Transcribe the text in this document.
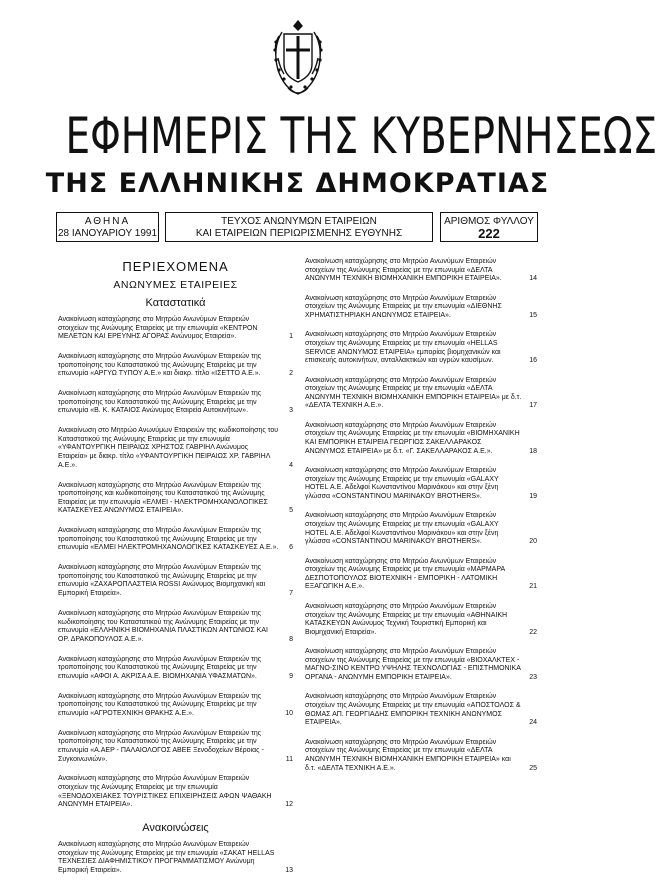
ΕΦΗΜΕΡΙΣ ΤΗΣ ΚΥΒΕΡΝΗΣΕΩΣ
ΤΗΣ ΕΛΛΗΝΙΚΗΣ ΔΗΜΟΚΡΑΤΙΑΣ
ΑΘΗΝΑ
28 ΙΑΝΟΥΑΡΙΟΥ 1991
ΤΕΥΧΟΣ ΑΝΩΝΥΜΩΝ ΕΤΑΙΡΕΙΩΝ
ΚΑΙ ΕΤΑΙΡΕΙΩΝ ΠΕΡΙΩΡΙΣΜΕΝΗΣ ΕΥΘΥΝΗΣ
ΑΡΙΘΜΟΣ ΦΥΛΛΟΥ
222
ΠΕΡΙΕΧΟΜΕΝΑ
ΑΝΩΝΥΜΕΣ ΕΤΑΙΡΕΙΕΣ
Καταστατικά
Ανακοίνωση καταχώρησης στο Μητρώο Ανωνύμων Εταιρειών στοιχείων της Ανώνυμης Εταιρείας με την επωνυμία «ΚΕΝΤΡΟΝ ΜΕΛΕΤΩΝ ΚΑΙ ΕΡΕΥΝΗΣ ΑΓΟΡΑΣ Ανώνυμος Εταιρεία».	1
Ανακοίνωση καταχώρησης στο Μητρώο Ανωνύμων Εταιρειών της τροποποίησης του Καταστατικού της Ανώνυμης Εταιρείας με την επωνυμία «ΑΡΓΥΩ ΤΥΠΟΥ Α.Ε.» και διακρ. τίτλο «ΙΣΕΤΤΟ Α.Ε.».	2
Ανακοίνωση καταχώρησης στο Μητρώο Ανωνύμων Εταιρειών της τροποποίησης του Καταστατικού της Ανώνυμης Εταιρείας με την επωνυμία «Β. Κ. ΚΑΤΑΙΟΣ Ανώνυμος Εταιρεία Αυτοκινήτων».	3
Ανακοίνωση στο Μητρώο Ανωνύμων Εταιρειών της κωδικοποίησης του Καταστατικού της Ανώνυμης Εταιρείας με την επωνυμία «ΥΦΑΝΤΟΥΡΓΙΚΗ ΠΕΙΡΑΙΩΣ ΧΡΗΣΤΟΣ ΓΑΒΡΙΗΛ Ανώνυμος Εταιρεία» με διακρ. τίτλο «ΥΦΑΝΤΟΥΡΓΙΚΗ ΠΕΙΡΑΙΩΣ ΧΡ. ΓΑΒΡΙΗΛ Α.Ε.».	4
Ανακοίνωση καταχώρησης στο Μητρώο Ανωνύμων Εταιρειών της τροποποίησης και κωδικοποίησης του Καταστατικού της Ανώνυμης Εταιρείας με την επωνυμία «ΕΛΜΕΙ - ΗΛΕΚΤΡΟΜΗΧΑΝΟΛΟΓΙΚΕΣ ΚΑΤΑΣΚΕΥΕΣ ΑΝΩΝΥΜΟΣ ΕΤΑΙΡΕΙΑ».	5
Ανακοίνωση καταχώρησης στο Μητρώο Ανωνύμων Εταιρειών της τροποποίησης του Καταστατικού της Ανώνυμης Εταιρείας με την επωνυμία «ΕΛΜΕΙ ΗΛΕΚΤΡΟΜΗΧΑΝΟΛΟΓΙΚΕΣ ΚΑΤΑΣΚΕΥΕΣ Α.Ε.».	6
Ανακοίνωση καταχώρησης στο Μητρώο Ανωνύμων Εταιρειών της τροποποίησης του Καταστατικού της Ανώνυμης Εταιρείας με την επωνυμία «ΖΑΧΑΡΟΠΛΑΣΤΕΙΑ ROSSI Ανώνυμος Βιομηχανική και Εμπορική Εταιρεία».	7
Ανακοίνωση καταχώρησης στο Μητρώο Ανωνύμων Εταιρειών της κωδικοποίησης του Καταστατικού της Ανώνυμης Εταιρείας με την επωνυμία «ΕΛΛΗΝΙΚΗ ΒΙΟΜΗΧΑΝΙΑ ΠΛΑΣΤΙΚΩΝ ΑΝΤΩΝΙΟΣ ΚΑΙ ΟΡ. ΔΡΑΚΟΠΟΥΛΟΣ Α.Ε.».	8
Ανακοίνωση καταχώρησης στο Μητρώο Ανωνύμων Εταιρειών της τροποποίησης του Καταστατικού της Ανώνυμης Εταιρείας με την επωνυμία «ΑΦΟΙ Α. ΑΚΡΙΣΑ Α.Ε. ΒΙΟΜΗΧΑΝΙΑ ΥΦΑΣΜΑΤΩΝ».	9
Ανακοίνωση καταχώρησης στο Μητρώο Ανωνύμων Εταιρειών της τροποποίησης του Καταστατικού της Ανώνυμης Εταιρείας με την επωνυμία «ΑΓΡΟΤΕΧΝΙΚΗ ΘΡΑΚΗΣ Α.Ε.».	10
Ανακοίνωση καταχώρησης στο Μητρώο Ανωνύμων Εταιρειών της τροποποίησης του Καταστατικού της Ανώνυμης Εταιρείας με την επωνυμία «Α.ΑΕΡ - ΠΑΛΑΙΟΛΟΓΟΣ ΑΒΕΕ Ξενοδοχείων Βέροιας - Συγκοινωνιών».	11
Ανακοίνωση καταχώρησης στο Μητρώο Ανωνύμων Εταιρειών στοιχείων της Ανώνυμης Εταιρείας με την επωνυμία «ΞΕΝΟΔΟΧΕΙΑΚΕΣ ΤΟΥΡΙΣΤΙΚΕΣ ΕΠΙΧΕΙΡΗΣΕΙΣ ΑΦΩΝ ΨΑΘΑΚΗ ΑΝΩΝΥΜΗ ΕΤΑΙΡΕΙΑ».	12
Ανακοινώσεις
Ανακοίνωση καταχώρησης στο Μητρώο Ανωνύμων Εταιρειών στοιχείων της Ανώνυμης Εταιρείας με την επωνυμία «ΣΑΚΑΤ ΗΕLLAS ΤΕΧΝΕΣΙΕΣ ΔΙΑΦΗΜΙΣΤΙΚΟΥ ΠΡΟΓΡΑΜΜΑΤΙΣΜΟΥ Ανώνυμη Εμπορική Εταιρεία».	13
Ανακοίνωση καταχώρησης στο Μητρώο Ανωνύμων Εταιρειών στοιχείων της Ανώνυμης Εταιρείας με την επωνυμία «ΔΕΛΤΑ ΑΝΩΝΥΜΗ ΤΕΧΝΙΚΗ ΒΙΟΜΗΧΑΝΙΚΗ ΕΜΠΟΡΙΚΗ ΕΤΑΙΡΕΙΑ».	14
Ανακοίνωση καταχώρησης στο Μητρώο Ανωνύμων Εταιρειών στοιχείων της Ανώνυμης Εταιρείας με την επωνυμία «ΔΙΕΘΝΗΣ ΧΡΗΜΑΤΙΣΤΗΡΙΑΚΗ ΑΝΩΝΥΜΟΣ ΕΤΑΙΡΕΙΑ».	15
Ανακοίνωση καταχώρησης στο Μητρώο Ανωνύμων Εταιρειών στοιχείων της Ανώνυμης Εταιρείας με την επωνυμία «HELLAS SERVICE ΑΝΩΝΥΜΟΣ ΕΤΑΙΡΕΙΑ» εμπορίας βιομηχανικών και επισκευής αυτοκινήτων, ανταλλακτικών και υγρών καυσίμων.	16
Ανακοίνωση καταχώρησης στο Μητρώο Ανωνύμων Εταιρειών στοιχείων της Ανώνυμης Εταιρείας με την επωνυμία «ΔΕΛΤΑ ΑΝΩΝΥΜΗ ΤΕΧΝΙΚΗ ΒΙΟΜΗΧΑΝΙΚΗ ΕΜΠΟΡΙΚΗ ΕΤΑΙΡΕΙΑ» με δ.τ. «ΔΕΛΤΑ ΤΕΧΝΙΚΗ Α.Ε.».	17
Ανακοίνωση καταχώρησης στο Μητρώο Ανωνύμων Εταιρειών στοιχείων της Ανώνυμης Εταιρείας με την επωνυμία «ΒΙΟΜΗΧΑΝΙΚΗ ΚΑΙ ΕΜΠΟΡΙΚΗ ΕΤΑΙΡΕΙΑ ΓΕΩΡΓΙΟΣ ΣΑΚΕΛΛΑΡΑΚΟΣ ΑΝΩΝΥΜΟΣ ΕΤΑΙΡΕΙΑ» με δ.τ. «Γ. ΣΑΚΕΛΛΑΡΑΚΟΣ Α.Ε.».	18
Ανακοίνωση καταχώρησης στο Μητρώο Ανωνύμων Εταιρειών στοιχείων της Ανώνυμης Εταιρείας με την επωνυμία «GALAXY HOTEL Α.Ε. Αδελφοί Κωνσταντίνου Μαρινάκου» και στην ξένη γλώσσα «CONSTANTINOU MARINAKOY BROTHERS».	19
Ανακοίνωση καταχώρησης στο Μητρώο Ανωνύμων Εταιρειών στοιχείων της Ανώνυμης Εταιρείας με την επωνυμία «GALAXY HOTEL Α.Ε. Αδελφοί Κωνσταντίνου Μαρινάκου» και στην ξένη γλώσσα «CONSTANTINOU MARINAKOY BROTHERS».	20
Ανακοίνωση καταχώρησης στο Μητρώο Ανωνύμων Εταιρειών στοιχείων της Ανώνυμης Εταιρείας με την επωνυμία «ΜΑΡΜΑΡΑ ΔΕΣΠΟΤΟΠΟΥΛΟΣ ΒΙΟΤΕΧΝΙΚΗ - ΕΜΠΟΡΙΚΗ - ΛΑΤΟΜΙΚΗ ΕΞΑΓΩΓΙΚΗ Α.Ε.».	21
Ανακοίνωση καταχώρησης στο Μητρώο Ανωνύμων Εταιρειών στοιχείων της Ανώνυμης Εταιρείας με την επωνυμία «ΑΘΗΝΑΙΚΗ ΚΑΤΑΣΚΕΥΩΝ Ανώνυμος Τεχνική Τουριστική Εμπορική και Βιομηχανική Εταιρεία».	22
Ανακοίνωση καταχώρησης στο Μητρώο Ανωνύμων Εταιρειών στοιχείων της Ανώνυμης Εταιρείας με την επωνυμία «ΒΙΟΧΑΛΚΤΕΧ - ΜΑΓΝΟ-ΣΙΝΟ ΚΕΝΤΡΟ ΥΨΗΛΗΣ ΤΕΧΝΟΛΟΓΙΑΣ - ΕΠΙΣΤΗΜΟΝΙΚΑ ΟΡΓΑΝΑ - ΑΝΩΝΥΜΗ ΕΜΠΟΡΙΚΗ ΕΤΑΙΡΕΙΑ».	23
Ανακοίνωση καταχώρησης στο Μητρώο Ανωνύμων Εταιρειών στοιχείων της Ανώνυμης Εταιρείας με την επωνυμία «ΑΠΟΣΤΟΛΟΣ & ΘΩΜΑΣ ΑΠ. ΓΕΩΡΓΙΑΔΗΣ ΕΜΠΟΡΙΚΗ ΤΕΧΝΙΚΗ ΑΝΩΝΥΜΟΣ ΕΤΑΙΡΕΙΑ».	24
Ανακοίνωση καταχώρησης στο Μητρώο Ανωνύμων Εταιρειών στοιχείων της Ανώνυμης Εταιρείας με την επωνυμία «ΔΕΛΤΑ ΑΝΩΝΥΜΗ ΤΕΧΝΙΚΗ ΒΙΟΜΗΧΑΝΙΚΗ ΕΜΠΟΡΙΚΗ ΕΤΑΙΡΕΙΑ» και δ.τ. «ΔΕΛΤΑ ΤΕΧΝΙΚΗ Α.Ε.».	25
